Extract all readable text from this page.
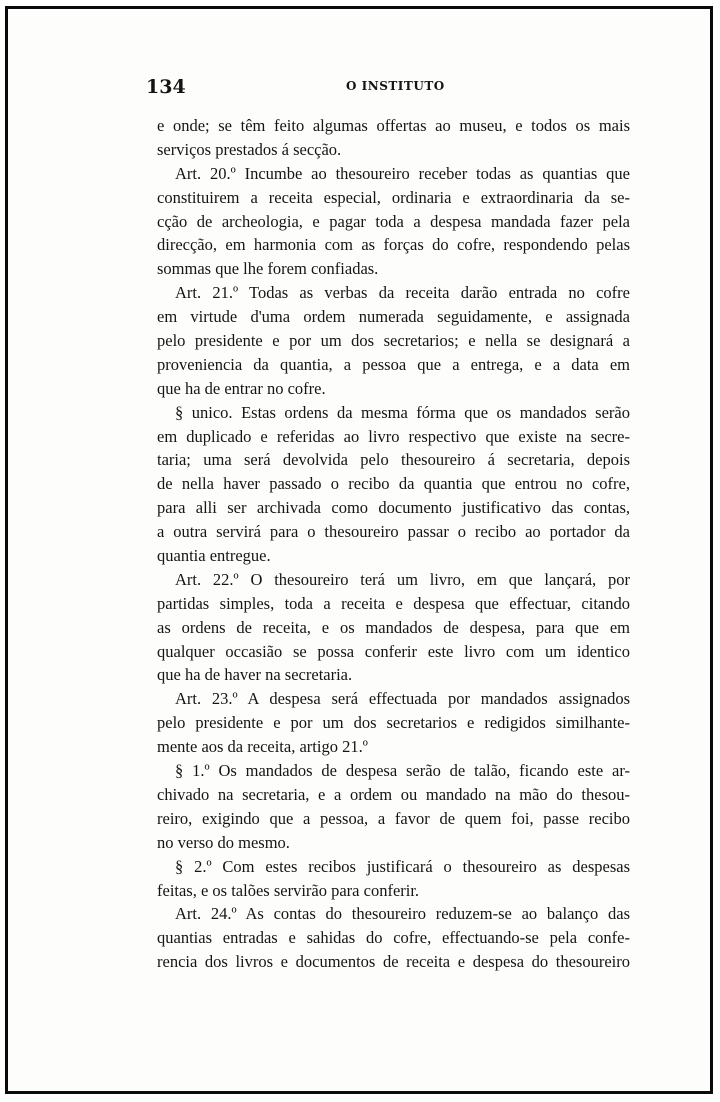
134	O INSTITUTO
e onde; se têm feito algumas offertas ao museu, e todos os mais
serviços prestados á secção.
Art. 20.º Incumbe ao thesoureiro receber todas as quantias que
constituirem a receita especial, ordinaria e extraordinaria da se-
cção de archeologia, e pagar toda a despesa mandada fazer pela
direcção, em harmonia com as forças do cofre, respondendo pelas
sommas que lhe forem confiadas.
Art. 21.º Todas as verbas da receita darão entrada no cofre
em virtude d'uma ordem numerada seguidamente, e assignada
pelo presidente e por um dos secretarios; e nella se designará a
proveniencia da quantia, a pessoa que a entrega, e a data em
que ha de entrar no cofre.
§ unico. Estas ordens da mesma fórma que os mandados serão
em duplicado e referidas ao livro respectivo que existe na secre-
taria; uma será devolvida pelo thesoureiro á secretaria, depois
de nella haver passado o recibo da quantia que entrou no cofre,
para alli ser archivada como documento justificativo das contas,
a outra servirá para o thesoureiro passar o recibo ao portador da
quantia entregue.
Art. 22.º O thesoureiro terá um livro, em que lançará, por
partidas simples, toda a receita e despesa que effectuar, citando
as ordens de receita, e os mandados de despesa, para que em
qualquer occasião se possa conferir este livro com um identico
que ha de haver na secretaria.
Art. 23.º A despesa será effectuada por mandados assignados
pelo presidente e por um dos secretarios e redigidos similhante-
mente aos da receita, artigo 21.º
§ 1.º Os mandados de despesa serão de talão, ficando este ar-
chivado na secretaria, e a ordem ou mandado na mão do thesou-
reiro, exigindo que a pessoa, a favor de quem foi, passe recibo
no verso do mesmo.
§ 2.º Com estes recibos justificará o thesoureiro as despesas
feitas, e os talões servirão para conferir.
Art. 24.º As contas do thesoureiro reduzem-se ao balanço das
quantias entradas e sahidas do cofre, effectuando-se pela confe-
rencia dos livros e documentos de receita e despesa do thesoureiro
